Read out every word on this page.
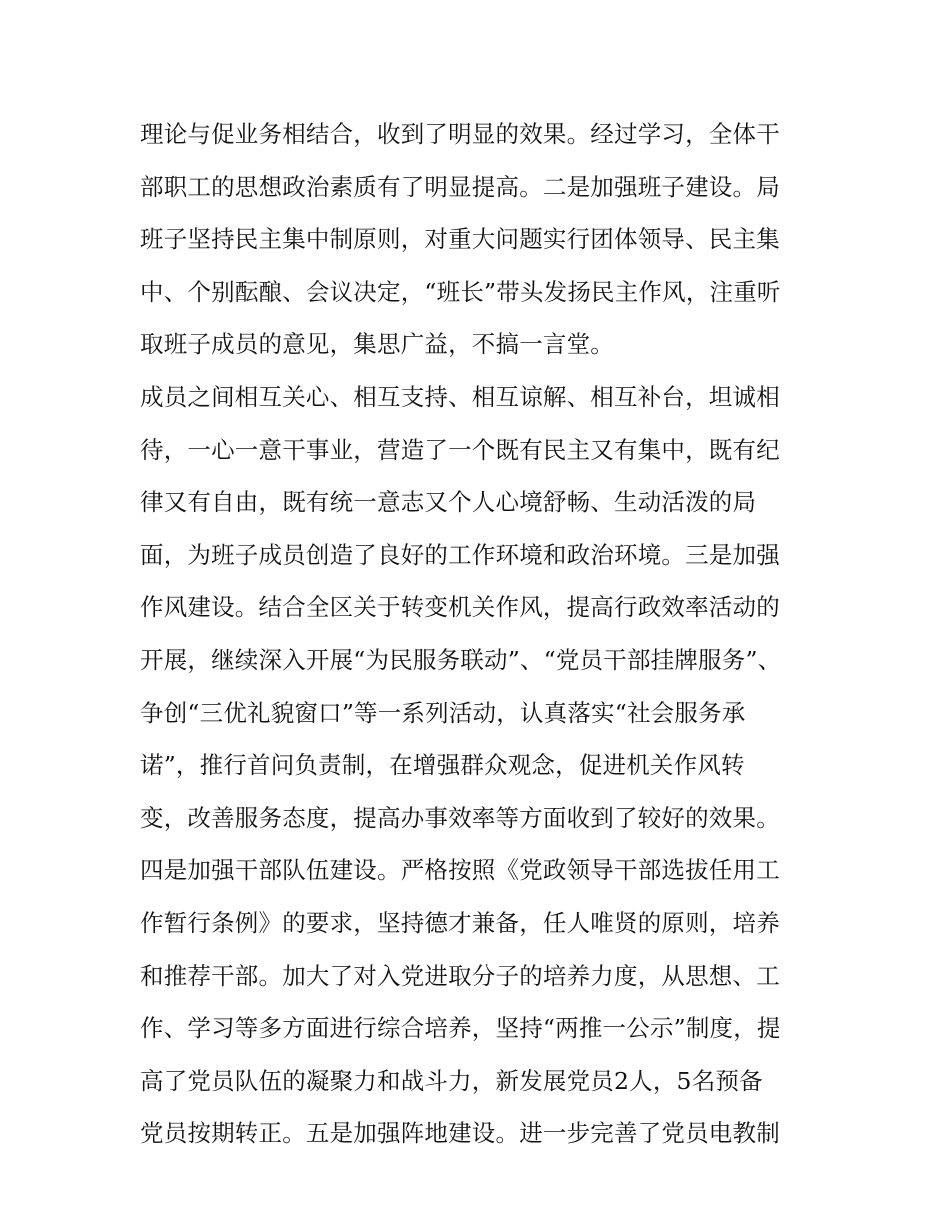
理论与促业务相结合，收到了明显的效果。经过学习，全体干
部职工的思想政治素质有了明显提高。二是加强班子建设。局
班子坚持民主集中制原则，对重大问题实行团体领导、民主集
中、个别酝酿、会议决定，“班长”带头发扬民主作风，注重听
取班子成员的意见，集思广益，不搞一言堂。
成员之间相互关心、相互支持、相互谅解、相互补台，坦诚相
待，一心一意干事业，营造了一个既有民主又有集中，既有纪
律又有自由，既有统一意志又个人心境舒畅、生动活泼的局
面，为班子成员创造了良好的工作环境和政治环境。三是加强
作风建设。结合全区关于转变机关作风，提高行政效率活动的
开展，继续深入开展“为民服务联动”、“党员干部挂牌服务”、
争创“三优礼貌窗口”等一系列活动，认真落实“社会服务承
诺”，推行首问负责制，在增强群众观念，促进机关作风转
变，改善服务态度，提高办事效率等方面收到了较好的效果。
四是加强干部队伍建设。严格按照《党政领导干部选拔任用工
作暂行条例》的要求，坚持德才兼备，任人唯贤的原则，培养
和推荐干部。加大了对入党进取分子的培养力度，从思想、工
作、学习等多方面进行综合培养，坚持“两推一公示”制度，提
高了党员队伍的凝聚力和战斗力，新发展党员2人，5名预备
党员按期转正。五是加强阵地建设。进一步完善了党员电教制
